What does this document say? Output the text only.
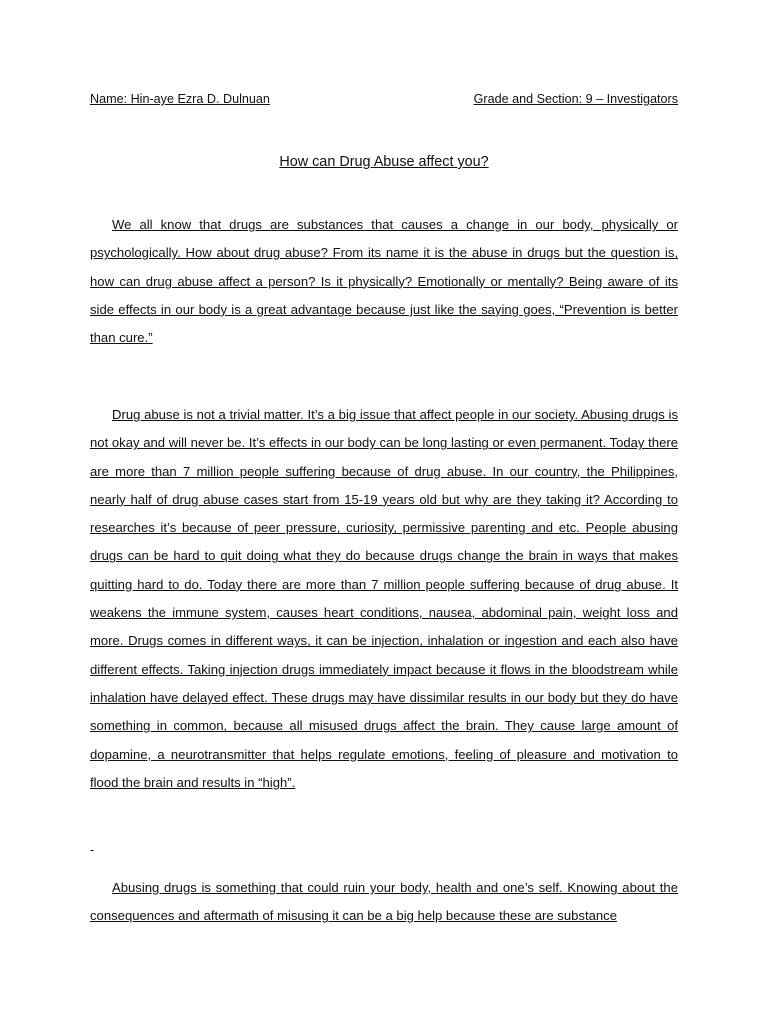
Name: Hin-aye Ezra D. Dulnuan	Grade and Section: 9 – Investigators
How can Drug Abuse affect you?

We all know that drugs are substances that causes a change in our body, physically or psychologically. How about drug abuse? From its name it is the abuse in drugs but the question is, how can drug abuse affect a person? Is it physically? Emotionally or mentally? Being aware of its side effects in our body is a great advantage because just like the saying goes, “Prevention is better than cure.”

Drug abuse is not a trivial matter. It’s a big issue that affect people in our society. Abusing drugs is not okay and will never be. It’s effects in our body can be long lasting or even permanent. Today there are more than 7 million people suffering because of drug abuse. In our country, the Philippines, nearly half of drug abuse cases start from 15-19 years old but why are they taking it? According to researches it’s because of peer pressure, curiosity, permissive parenting and etc. People abusing drugs can be hard to quit doing what they do because drugs change the brain in ways that makes quitting hard to do. Today there are more than 7 million people suffering because of drug abuse. It weakens the immune system, causes heart conditions, nausea, abdominal pain, weight loss and more. Drugs comes in different ways, it can be injection, inhalation or ingestion and each also have different effects. Taking injection drugs immediately impact because it flows in the bloodstream while inhalation have delayed effect. These drugs may have dissimilar results in our body but they do have something in common, because all misused drugs affect the brain. They cause large amount of dopamine, a neurotransmitter that helps regulate emotions, feeling of pleasure and motivation to flood the brain and results in “high”.

-

Abusing drugs is something that could ruin your body, health and one’s self. Knowing about the consequences and aftermath of misusing it can be a big help because these are substance
